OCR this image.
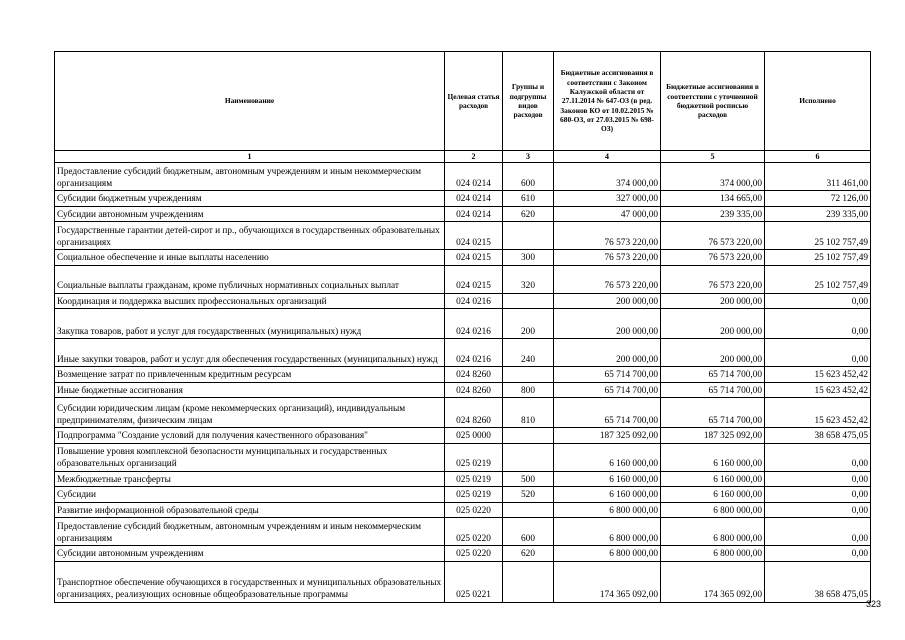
Наименование	Целевая статья расходов	Группы и подгруппы видов расходов	Бюджетные ассигнования в соответствии с Законом Калужской области от 27.11.2014 № 647-ОЗ (в ред. Законов КО от 10.02.2015 № 680-ОЗ, от 27.03.2015 № 698-ОЗ)	Бюджетные ассигнования в соответствии с уточненной бюджетной росписью расходов	Исполнено
1	2	3	4	5	6
Предоставление субсидий бюджетным, автономным учреждениям и иным некоммерческим организациям	024 0214	600	374 000,00	374 000,00	311 461,00
Субсидии бюджетным учреждениям	024 0214	610	327 000,00	134 665,00	72 126,00
Субсидии автономным учреждениям	024 0214	620	47 000,00	239 335,00	239 335,00
Государственные гарантии детей-сирот и пр., обучающихся в государственных образовательных организациях	024 0215		76 573 220,00	76 573 220,00	25 102 757,49
Социальное обеспечение и иные выплаты населению	024 0215	300	76 573 220,00	76 573 220,00	25 102 757,49
Социальные выплаты гражданам, кроме публичных нормативных социальных выплат	024 0215	320	76 573 220,00	76 573 220,00	25 102 757,49
Координация и поддержка высших профессиональных организаций	024 0216		200 000,00	200 000,00	0,00
Закупка товаров, работ и услуг для государственных (муниципальных) нужд	024 0216	200	200 000,00	200 000,00	0,00
Иные закупки товаров, работ и услуг для обеспечения государственных (муниципальных) нужд	024 0216	240	200 000,00	200 000,00	0,00
Возмещение затрат по привлеченным кредитным ресурсам	024 8260		65 714 700,00	65 714 700,00	15 623 452,42
Иные бюджетные ассигнования	024 8260	800	65 714 700,00	65 714 700,00	15 623 452,42
Субсидии юридическим лицам (кроме некоммерческих организаций), индивидуальным предпринимателям, физическим лицам	024 8260	810	65 714 700,00	65 714 700,00	15 623 452,42
Подпрограмма "Создание условий для получения качественного образования"	025 0000		187 325 092,00	187 325 092,00	38 658 475,05
Повышение уровня комплексной безопасности муниципальных и государственных образовательных организаций	025 0219		6 160 000,00	6 160 000,00	0,00
Межбюджетные трансферты	025 0219	500	6 160 000,00	6 160 000,00	0,00
Субсидии	025 0219	520	6 160 000,00	6 160 000,00	0,00
Развитие информационной образовательной среды	025 0220		6 800 000,00	6 800 000,00	0,00
Предоставление субсидий бюджетным, автономным учреждениям и иным некоммерческим организациям	025 0220	600	6 800 000,00	6 800 000,00	0,00
Субсидии автономным учреждениям	025 0220	620	6 800 000,00	6 800 000,00	0,00
Транспортное обеспечение обучающихся в государственных и муниципальных образовательных организациях, реализующих основные общеобразовательные программы	025 0221		174 365 092,00	174 365 092,00	38 658 475,05
323
